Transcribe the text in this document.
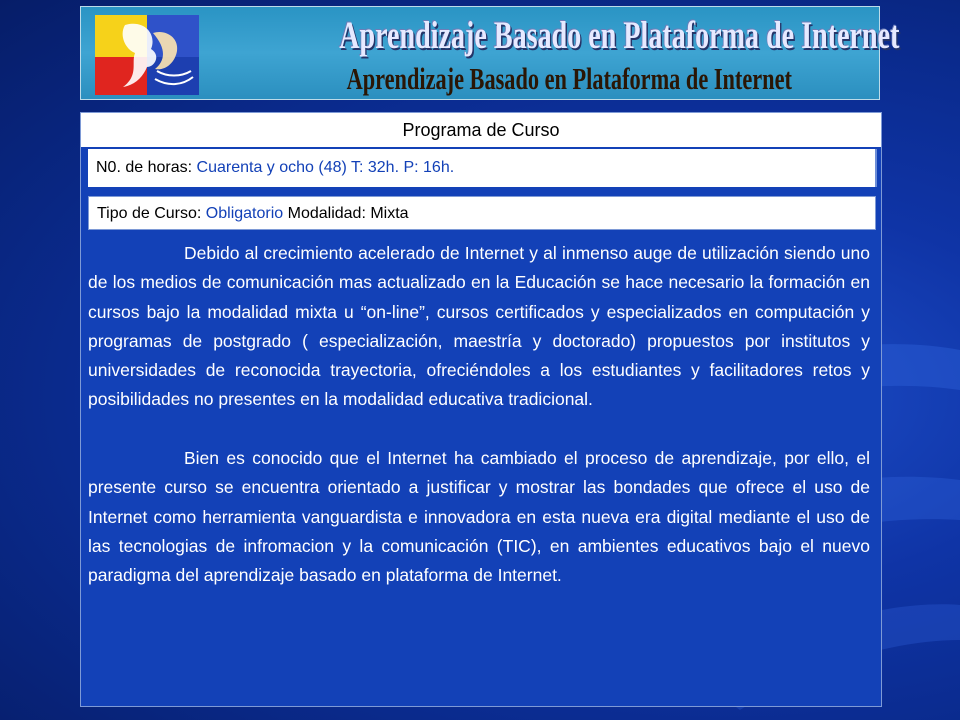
Aprendizaje Basado en Plataforma de Internet
Aprendizaje Basado en Plataforma de Internet
Programa de Curso
N0. de horas: Cuarenta y ocho (48) T: 32h. P: 16h.
Tipo de Curso: Obligatorio Modalidad: Mixta

Debido al crecimiento acelerado de Internet y al inmenso auge de utilización siendo uno de los medios de comunicación mas actualizado en la Educación se hace necesario la formación en cursos bajo la modalidad mixta u “on-line”, cursos certificados y especializados en computación y programas de postgrado ( especialización, maestría y doctorado) propuestos por institutos y universidades de reconocida trayectoria, ofreciéndoles a los estudiantes y facilitadores retos y posibilidades no presentes en la modalidad educativa tradicional.

Bien es conocido que el Internet ha cambiado el proceso de aprendizaje, por ello, el presente curso se encuentra orientado a justificar y mostrar las bondades que ofrece el uso de Internet como herramienta vanguardista e innovadora en esta nueva era digital mediante el uso de las tecnologias de infromacion y la comunicación (TIC), en ambientes educativos bajo el nuevo paradigma del aprendizaje basado en plataforma de Internet.
